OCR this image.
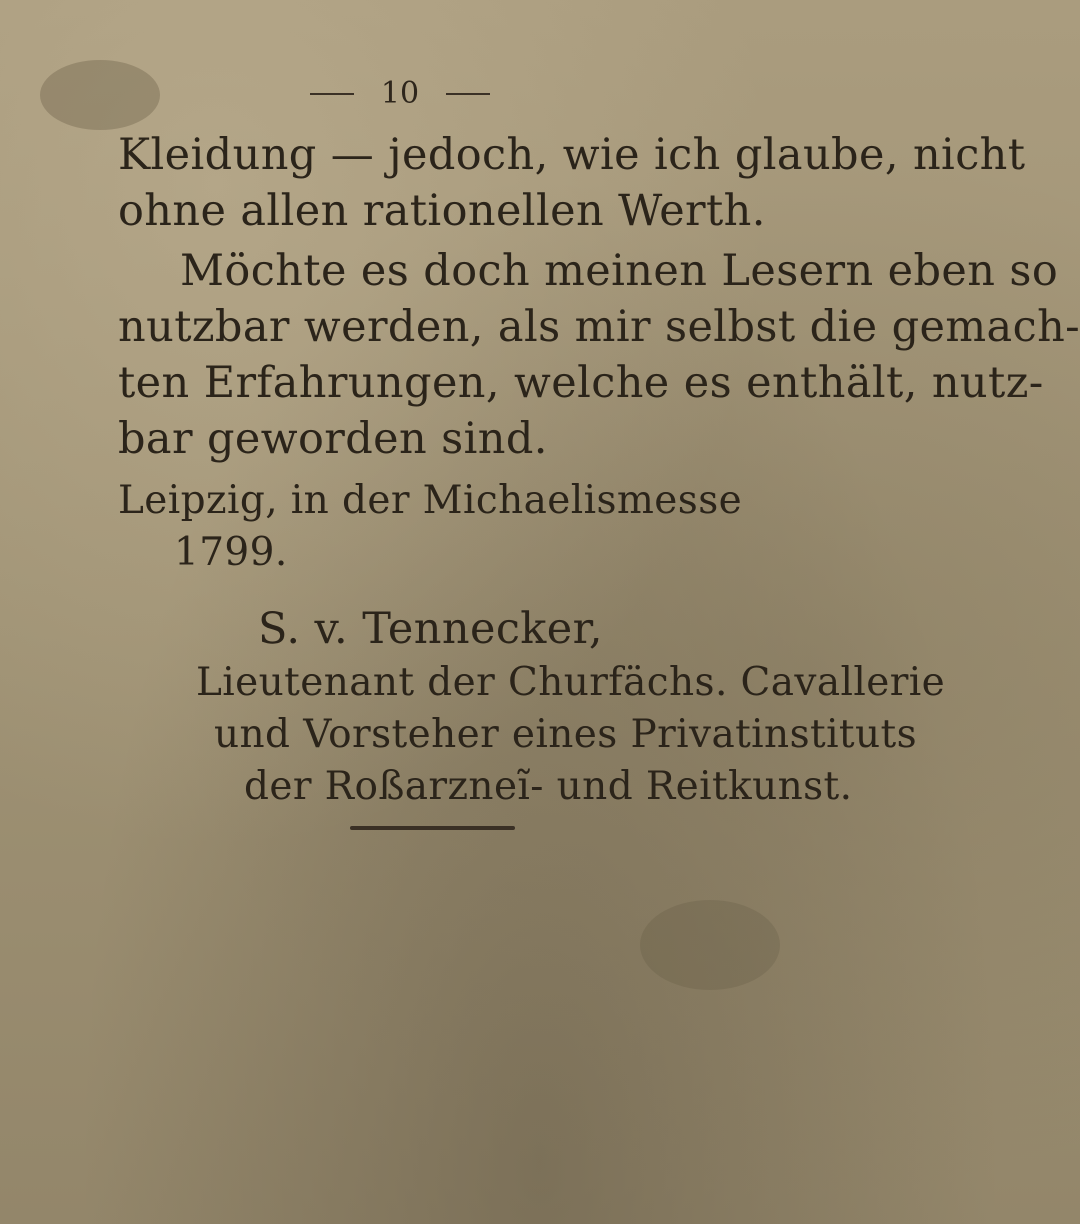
10
Kleidung — jedoch, wie ich glaube, nicht
ohne allen rationellen Werth.
Möchte es doch meinen Lesern eben so
nutzbar werden, als mir selbst die gemach-
ten Erfahrungen, welche es enthält, nutz-
bar geworden sind.
Leipzig, in der Michaelismesse
1799.
S. v. Tennecker,
Lieutenant der Churfächs. Cavallerie
und Vorsteher eines Privatinstituts
der Roßarzneĩ- und Reitkunst.
